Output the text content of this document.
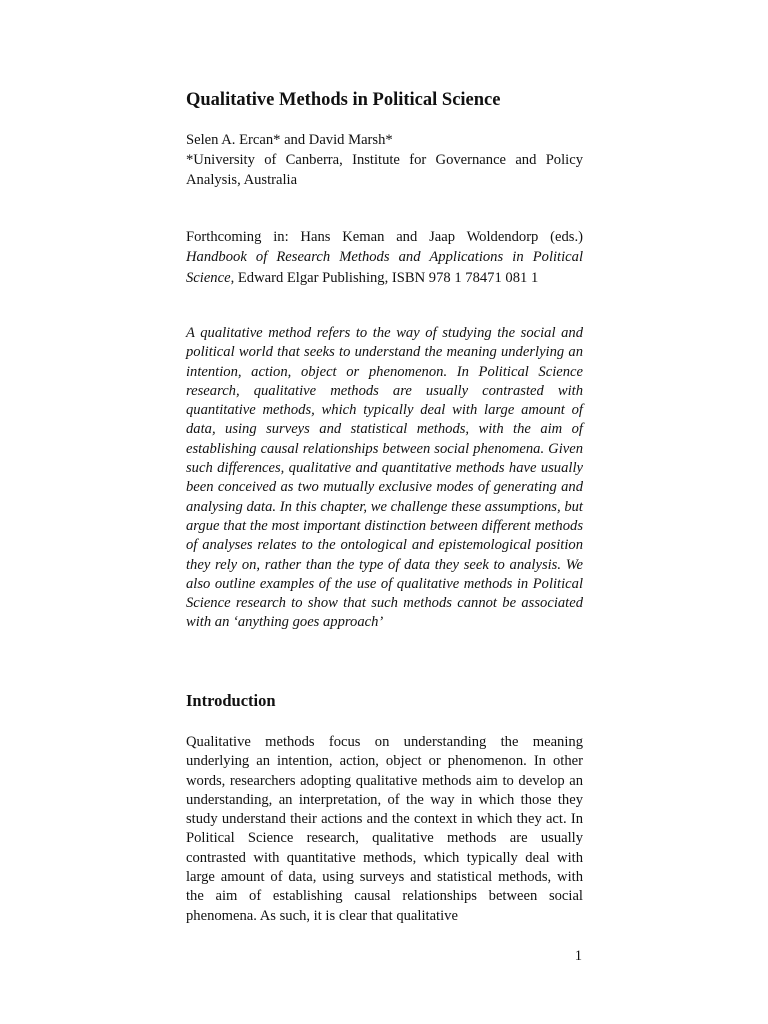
Qualitative Methods in Political Science
Selen A. Ercan* and David Marsh*
*University of Canberra, Institute for Governance and Policy Analysis, Australia

Forthcoming in: Hans Keman and Jaap Woldendorp (eds.) Handbook of Research Methods and Applications in Political Science, Edward Elgar Publishing, ISBN 978 1 78471 081 1

A qualitative method refers to the way of studying the social and political world that seeks to understand the meaning underlying an intention, action, object or phenomenon. In Political Science research, qualitative methods are usually contrasted with quantitative methods, which typically deal with large amount of data, using surveys and statistical methods, with the aim of establishing causal relationships between social phenomena. Given such differences, qualitative and quantitative methods have usually been conceived as two mutually exclusive modes of generating and analysing data. In this chapter, we challenge these assumptions, but argue that the most important distinction between different methods of analyses relates to the ontological and epistemological position they rely on, rather than the type of data they seek to analysis. We also outline examples of the use of qualitative methods in Political Science research to show that such methods cannot be associated with an ‘anything goes approach’

Introduction

Qualitative methods focus on understanding the meaning underlying an intention, action, object or phenomenon. In other words, researchers adopting qualitative methods aim to develop an understanding, an interpretation, of the way in which those they study understand their actions and the context in which they act. In Political Science research, qualitative methods are usually contrasted with quantitative methods, which typically deal with large amount of data, using surveys and statistical methods, with the aim of establishing causal relationships between social phenomena. As such, it is clear that qualitative

1
